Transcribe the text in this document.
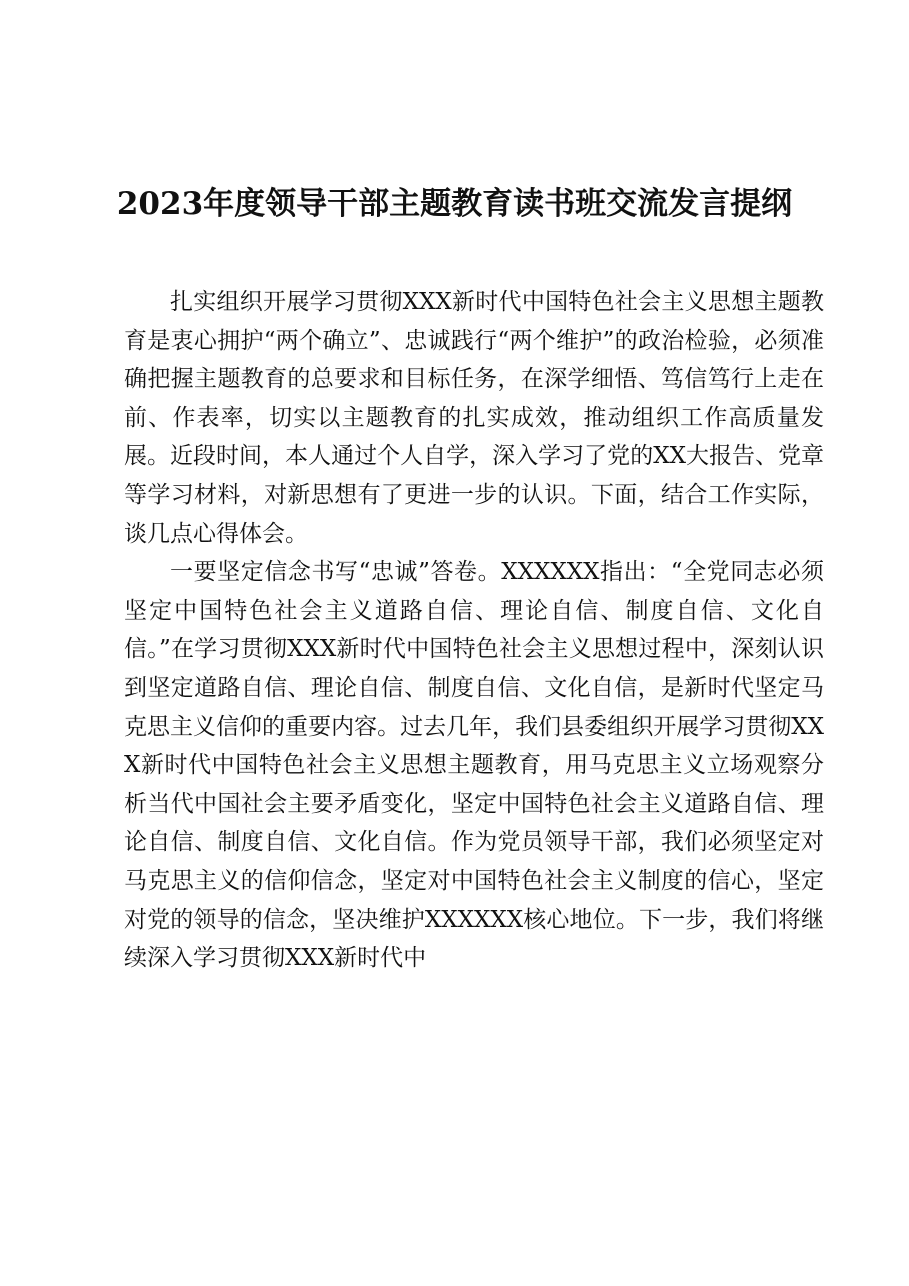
2023年度领导干部主题教育读书班交流发言提纲

扎实组织开展学习贯彻XXX新时代中国特色社会主义思想主题教育是衷心拥护“两个确立”、忠诚践行“两个维护”的政治检验，必须准确把握主题教育的总要求和目标任务，在深学细悟、笃信笃行上走在前、作表率，切实以主题教育的扎实成效，推动组织工作高质量发展。近段时间，本人通过个人自学，深入学习了党的XX大报告、党章等学习材料，对新思想有了更进一步的认识。下面，结合工作实际，谈几点心得体会。

一要坚定信念书写“忠诚”答卷。XXXXXX指出：“全党同志必须坚定中国特色社会主义道路自信、理论自信、制度自信、文化自信。”在学习贯彻XXX新时代中国特色社会主义思想过程中，深刻认识到坚定道路自信、理论自信、制度自信、文化自信，是新时代坚定马克思主义信仰的重要内容。过去几年，我们县委组织开展学习贯彻XXX新时代中国特色社会主义思想主题教育，用马克思主义立场观察分析当代中国社会主要矛盾变化，坚定中国特色社会主义道路自信、理论自信、制度自信、文化自信。作为党员领导干部，我们必须坚定对马克思主义的信仰信念，坚定对中国特色社会主义制度的信心，坚定对党的领导的信念，坚决维护XXXXXX核心地位。下一步，我们将继续深入学习贯彻XXX新时代中
